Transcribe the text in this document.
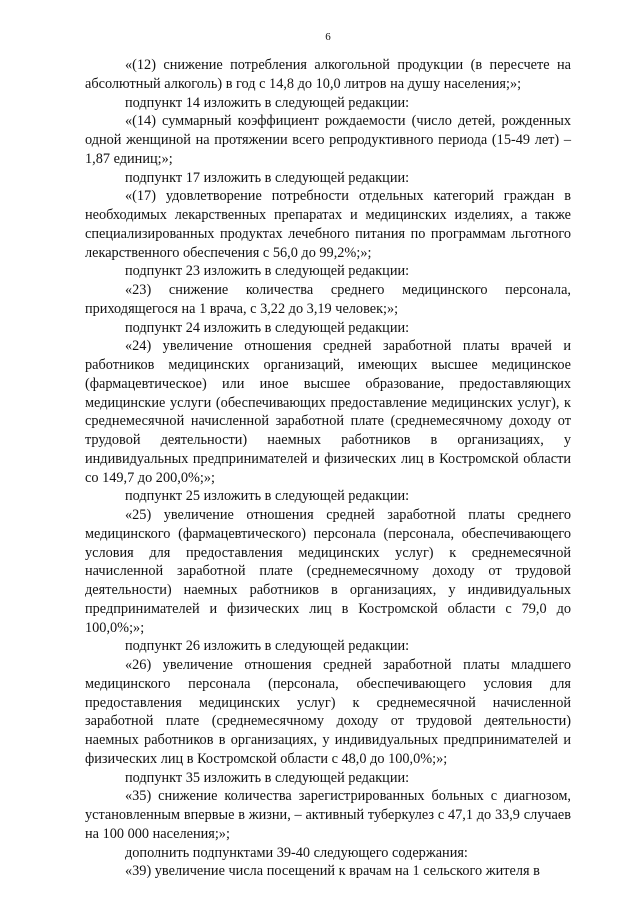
6

«(12) снижение потребления алкогольной продукции (в пересчете на абсолютный алкоголь) в год с 14,8 до 10,0 литров на душу населения;»;

подпункт 14 изложить в следующей редакции:

«(14) суммарный коэффициент рождаемости (число детей, рожденных одной женщиной на протяжении всего репродуктивного периода (15-49 лет) – 1,87 единиц;»;

подпункт 17 изложить в следующей редакции:

«(17) удовлетворение потребности отдельных категорий граждан в необходимых лекарственных препаратах и медицинских изделиях, а также специализированных продуктах лечебного питания по программам льготного лекарственного обеспечения с 56,0 до 99,2%;»;

подпункт 23 изложить в следующей редакции:

«23) снижение количества среднего медицинского персонала, приходящегося на 1 врача, с 3,22 до 3,19 человек;»;

подпункт 24 изложить в следующей редакции:

«24) увеличение отношения средней заработной платы врачей и работников медицинских организаций, имеющих высшее медицинское (фармацевтическое) или иное высшее образование, предоставляющих медицинские услуги (обеспечивающих предоставление медицинских услуг), к среднемесячной начисленной заработной плате (среднемесячному доходу от трудовой деятельности) наемных работников в организациях, у индивидуальных предпринимателей и физических лиц в Костромской области со 149,7 до 200,0%;»;

подпункт 25 изложить в следующей редакции:

«25) увеличение отношения средней заработной платы среднего медицинского (фармацевтического) персонала (персонала, обеспечивающего условия для предоставления медицинских услуг) к среднемесячной начисленной заработной плате (среднемесячному доходу от трудовой деятельности) наемных работников в организациях, у индивидуальных предпринимателей и физических лиц в Костромской области с 79,0 до 100,0%;»;

подпункт 26 изложить в следующей редакции:

«26) увеличение отношения средней заработной платы младшего медицинского персонала (персонала, обеспечивающего условия для предоставления медицинских услуг) к среднемесячной начисленной заработной плате (среднемесячному доходу от трудовой деятельности) наемных работников в организациях, у индивидуальных предпринимателей и физических лиц в Костромской области с 48,0 до 100,0%;»;

подпункт 35 изложить в следующей редакции:

«35) снижение количества зарегистрированных больных с диагнозом, установленным впервые в жизни, – активный туберкулез с 47,1 до 33,9 случаев на 100 000 населения;»;

дополнить подпунктами 39-40 следующего содержания:

«39) увеличение числа посещений к врачам на 1 сельского жителя в
